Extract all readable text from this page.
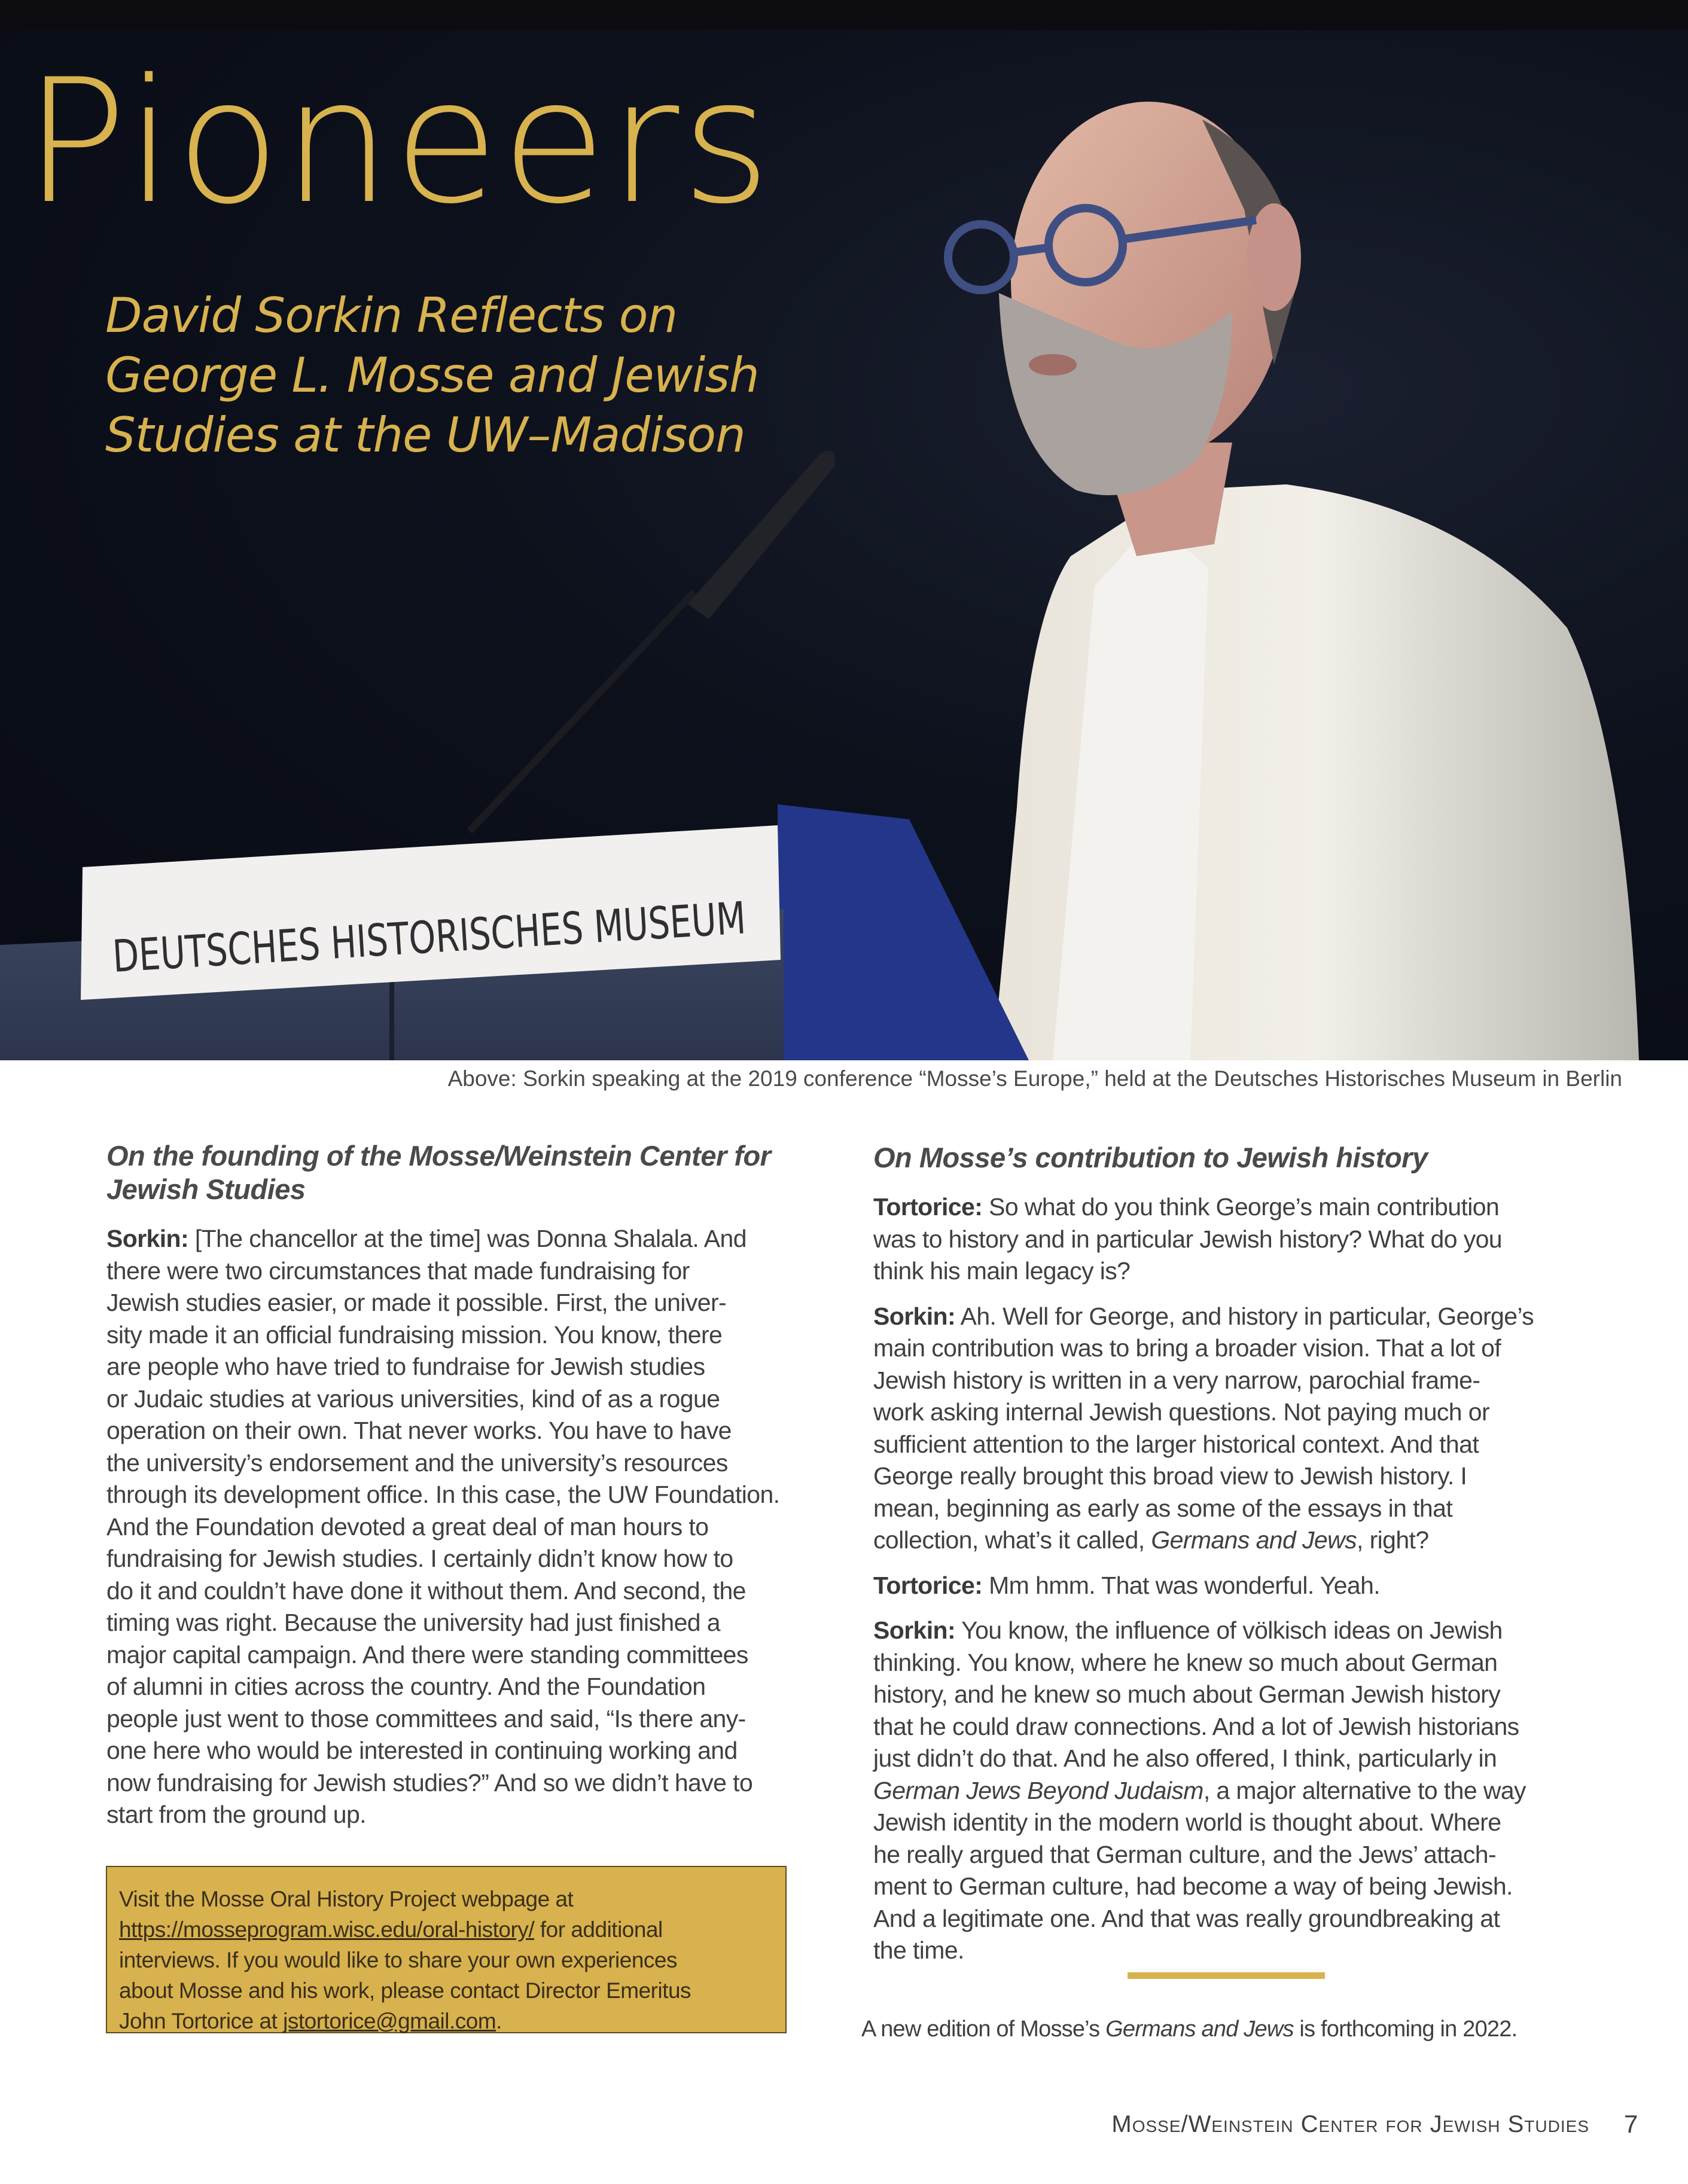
DEUTSCHES HISTORISCHES MUSEUM
Pioneers
David Sorkin Reflects on
George L. Mosse and Jewish
Studies at the UW–Madison
Above: Sorkin speaking at the 2019 conference “Mosse’s Europe,” held at the Deutsches Historisches Museum in Berlin
On the founding of the Mosse/Weinstein Center for
Jewish Studies

Sorkin: [The chancellor at the time] was Donna Shalala. And
there were two circumstances that made fundraising for
Jewish studies easier, or made it possible. First, the univer-
sity made it an official fundraising mission. You know, there
are people who have tried to fundraise for Jewish studies
or Judaic studies at various universities, kind of as a rogue
operation on their own. That never works. You have to have
the university’s endorsement and the university’s resources
through its development office. In this case, the UW Foundation.
And the Foundation devoted a great deal of man hours to
fundraising for Jewish studies. I certainly didn’t know how to
do it and couldn’t have done it without them. And second, the
timing was right. Because the university had just finished a
major capital campaign. And there were standing committees
of alumni in cities across the country. And the Foundation
people just went to those committees and said, “Is there any-
one here who would be interested in continuing working and
now fundraising for Jewish studies?” And so we didn’t have to
start from the ground up.

Visit the Mosse Oral History Project webpage at
https://mosseprogram.wisc.edu/oral-history/ for additional
interviews. If you would like to share your own experiences
about Mosse and his work, please contact Director Emeritus
John Tortorice at jstortorice@gmail.com.
On Mosse’s contribution to Jewish history

Tortorice: So what do you think George’s main contribution
was to history and in particular Jewish history? What do you
think his main legacy is?

Sorkin: Ah. Well for George, and history in particular, George’s
main contribution was to bring a broader vision. That a lot of
Jewish history is written in a very narrow, parochial frame-
work asking internal Jewish questions. Not paying much or
sufficient attention to the larger historical context. And that
George really brought this broad view to Jewish history. I
mean, beginning as early as some of the essays in that
collection, what’s it called, Germans and Jews, right?

Tortorice: Mm hmm. That was wonderful. Yeah.

Sorkin: You know, the influence of völkisch ideas on Jewish
thinking. You know, where he knew so much about German
history, and he knew so much about German Jewish history
that he could draw connections. And a lot of Jewish historians
just didn’t do that. And he also offered, I think, particularly in
German Jews Beyond Judaism, a major alternative to the way
Jewish identity in the modern world is thought about. Where
he really argued that German culture, and the Jews’ attach-
ment to German culture, had become a way of being Jewish.
And a legitimate one. And that was really groundbreaking at
the time.

A new edition of Mosse’s Germans and Jews is forthcoming in 2022.
Mosse/Weinstein Center for Jewish Studies 7
